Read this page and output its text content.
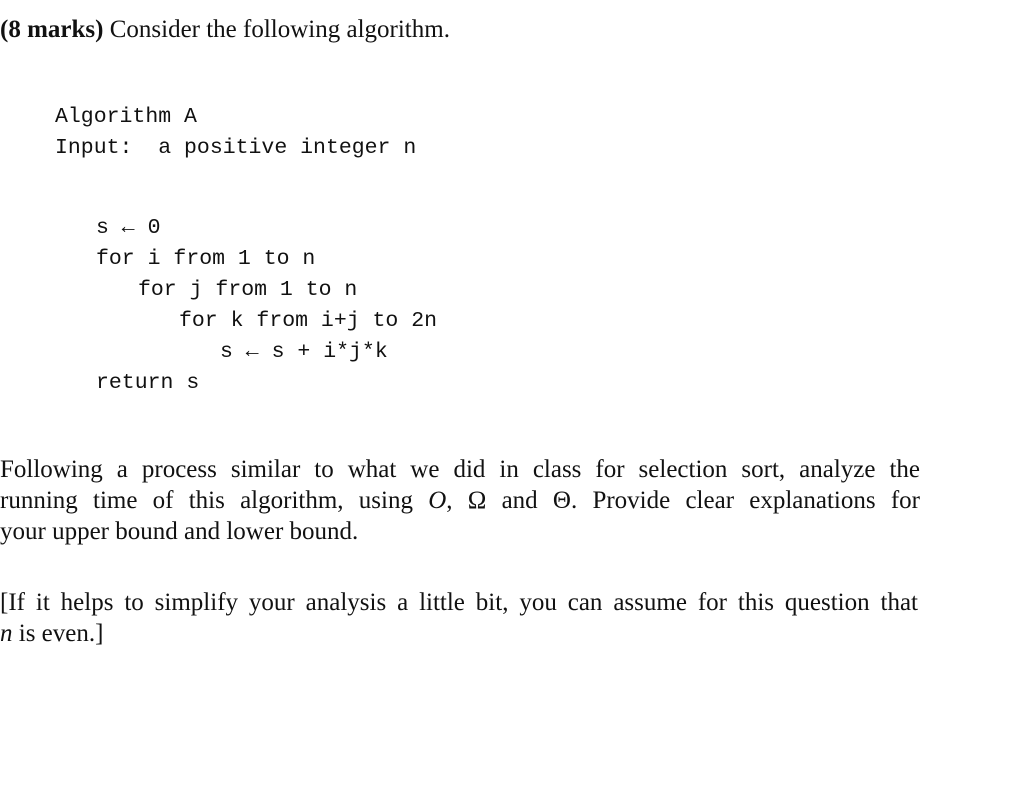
(8 marks) Consider the following algorithm.
Algorithm A
Input:  a positive integer n
s ← 0
for i from 1 to n
for j from 1 to n
for k from i+j to 2n
s ← s + i*j*k
return s
Following a process similar to what we did in class for selection sort, analyze the
running time of this algorithm, using O, Ω and Θ. Provide clear explanations for
your upper bound and lower bound.
[If it helps to simplify your analysis a little bit, you can assume for this question that
n is even.]
